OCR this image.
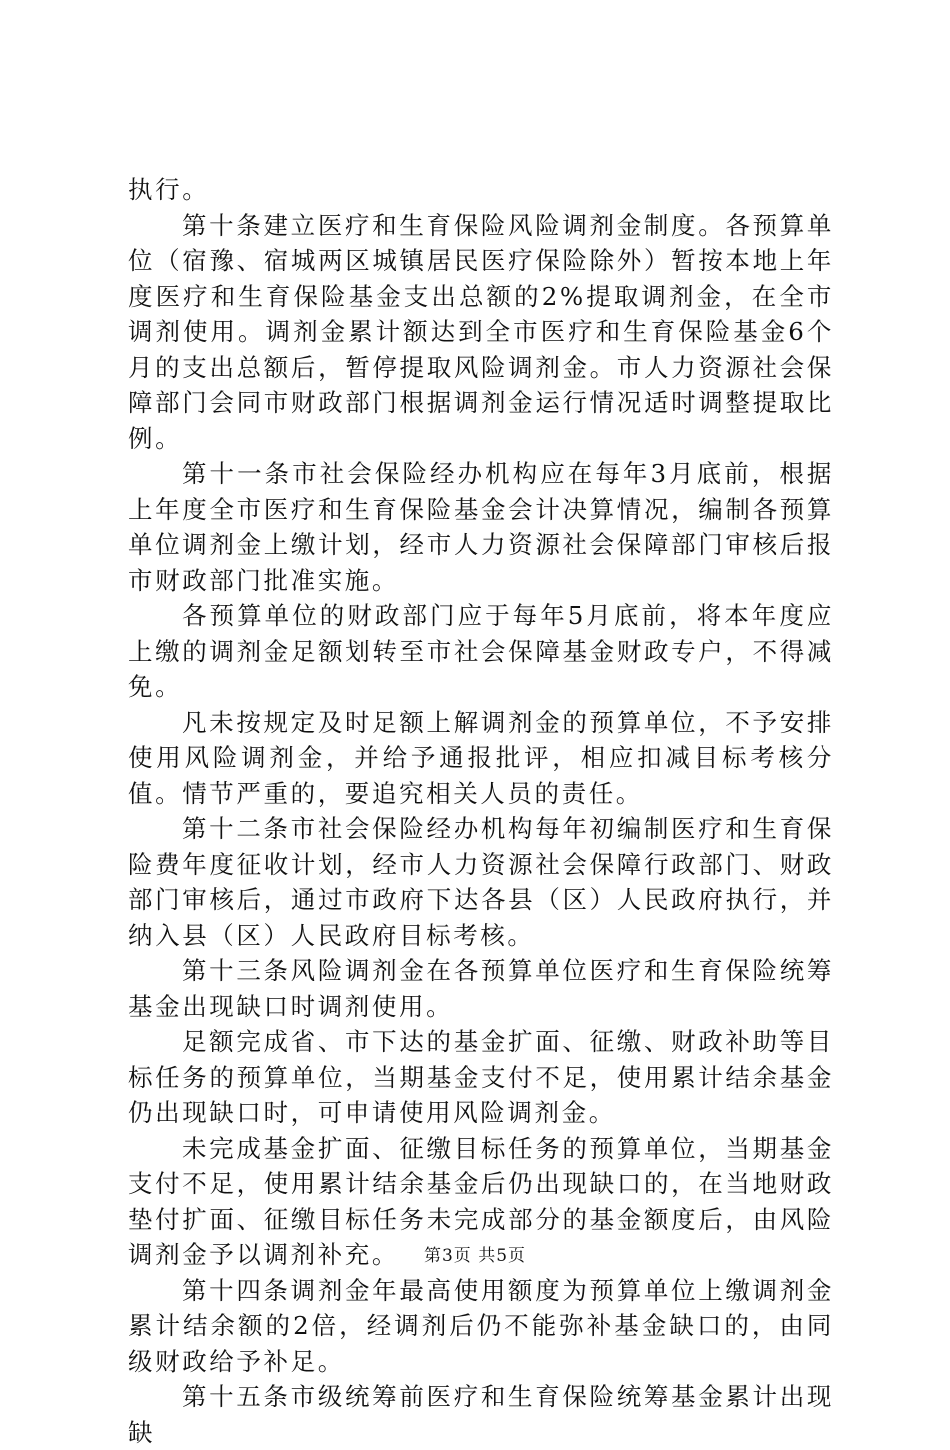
执行。

第十条建立医疗和生育保险风险调剂金制度。各预算单位（宿豫、宿城两区城镇居民医疗保险除外）暂按本地上年度医疗和生育保险基金支出总额的2%提取调剂金，在全市调剂使用。调剂金累计额达到全市医疗和生育保险基金6个月的支出总额后，暂停提取风险调剂金。市人力资源社会保障部门会同市财政部门根据调剂金运行情况适时调整提取比例。

第十一条市社会保险经办机构应在每年3月底前，根据上年度全市医疗和生育保险基金会计决算情况，编制各预算单位调剂金上缴计划，经市人力资源社会保障部门审核后报市财政部门批准实施。

各预算单位的财政部门应于每年5月底前，将本年度应上缴的调剂金足额划转至市社会保障基金财政专户，不得减免。

凡未按规定及时足额上解调剂金的预算单位，不予安排使用风险调剂金，并给予通报批评，相应扣减目标考核分值。情节严重的，要追究相关人员的责任。

第十二条市社会保险经办机构每年初编制医疗和生育保险费年度征收计划，经市人力资源社会保障行政部门、财政部门审核后，通过市政府下达各县（区）人民政府执行，并纳入县（区）人民政府目标考核。

第十三条风险调剂金在各预算单位医疗和生育保险统筹基金出现缺口时调剂使用。

足额完成省、市下达的基金扩面、征缴、财政补助等目标任务的预算单位，当期基金支付不足，使用累计结余基金仍出现缺口时，可申请使用风险调剂金。

未完成基金扩面、征缴目标任务的预算单位，当期基金支付不足，使用累计结余基金后仍出现缺口的，在当地财政垫付扩面、征缴目标任务未完成部分的基金额度后，由风险调剂金予以调剂补充。

第十四条调剂金年最高使用额度为预算单位上缴调剂金累计结余额的2倍，经调剂后仍不能弥补基金缺口的，由同级财政给予补足。

第十五条市级统筹前医疗和生育保险统筹基金累计出现缺

第3页 共5页
